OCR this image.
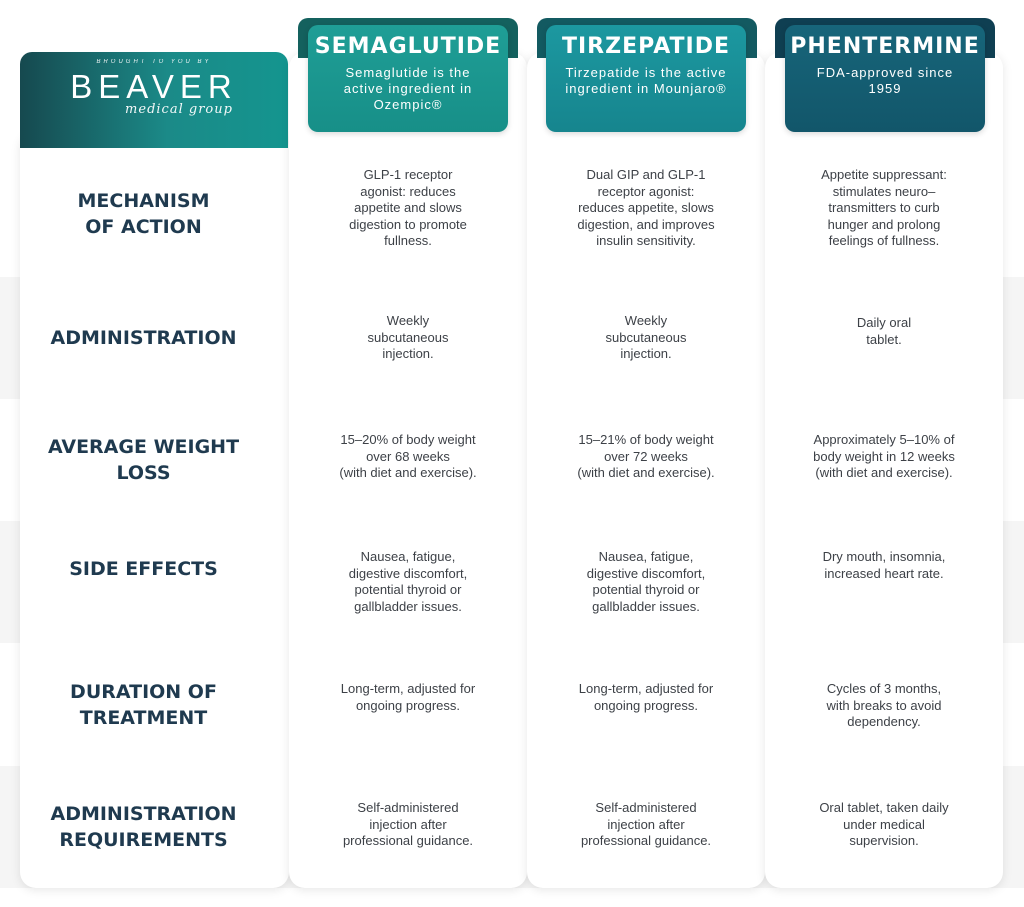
BROUGHT TO YOU BY
BEAVER
medical group
MECHANISM
OF ACTION
ADMINISTRATION
AVERAGE WEIGHT
LOSS
SIDE EFFECTS
DURATION OF
TREATMENT
ADMINISTRATION
REQUIREMENTS
SEMAGLUTIDE
Semaglutide is the active ingredient in Ozempic®
TIRZEPATIDE
Tirzepatide is the active ingredient in Mounjaro®
PHENTERMINE
FDA-approved since 1959
GLP-1 receptor
agonist: reduces
appetite and slows
digestion to promote
fullness.
Dual GIP and GLP-1
receptor agonist:
reduces appetite, slows
digestion, and improves
insulin sensitivity.
Appetite suppressant:
stimulates neuro–
transmitters to curb
hunger and prolong
feelings of fullness.
Weekly
subcutaneous
injection.
Weekly
subcutaneous
injection.
Daily oral
tablet.
15–20% of body weight
over 68 weeks
(with diet and exercise).
15–21% of body weight
over 72 weeks
(with diet and exercise).
Approximately 5–10% of
body weight in 12 weeks
(with diet and exercise).
Nausea, fatigue,
digestive discomfort,
potential thyroid or
gallbladder issues.
Nausea, fatigue,
digestive discomfort,
potential thyroid or
gallbladder issues.
Dry mouth, insomnia,
increased heart rate.
Long-term, adjusted for
ongoing progress.
Long-term, adjusted for
ongoing progress.
Cycles of 3 months,
with breaks to avoid
dependency.
Self-administered
injection after
professional guidance.
Self-administered
injection after
professional guidance.
Oral tablet, taken daily
under medical
supervision.
